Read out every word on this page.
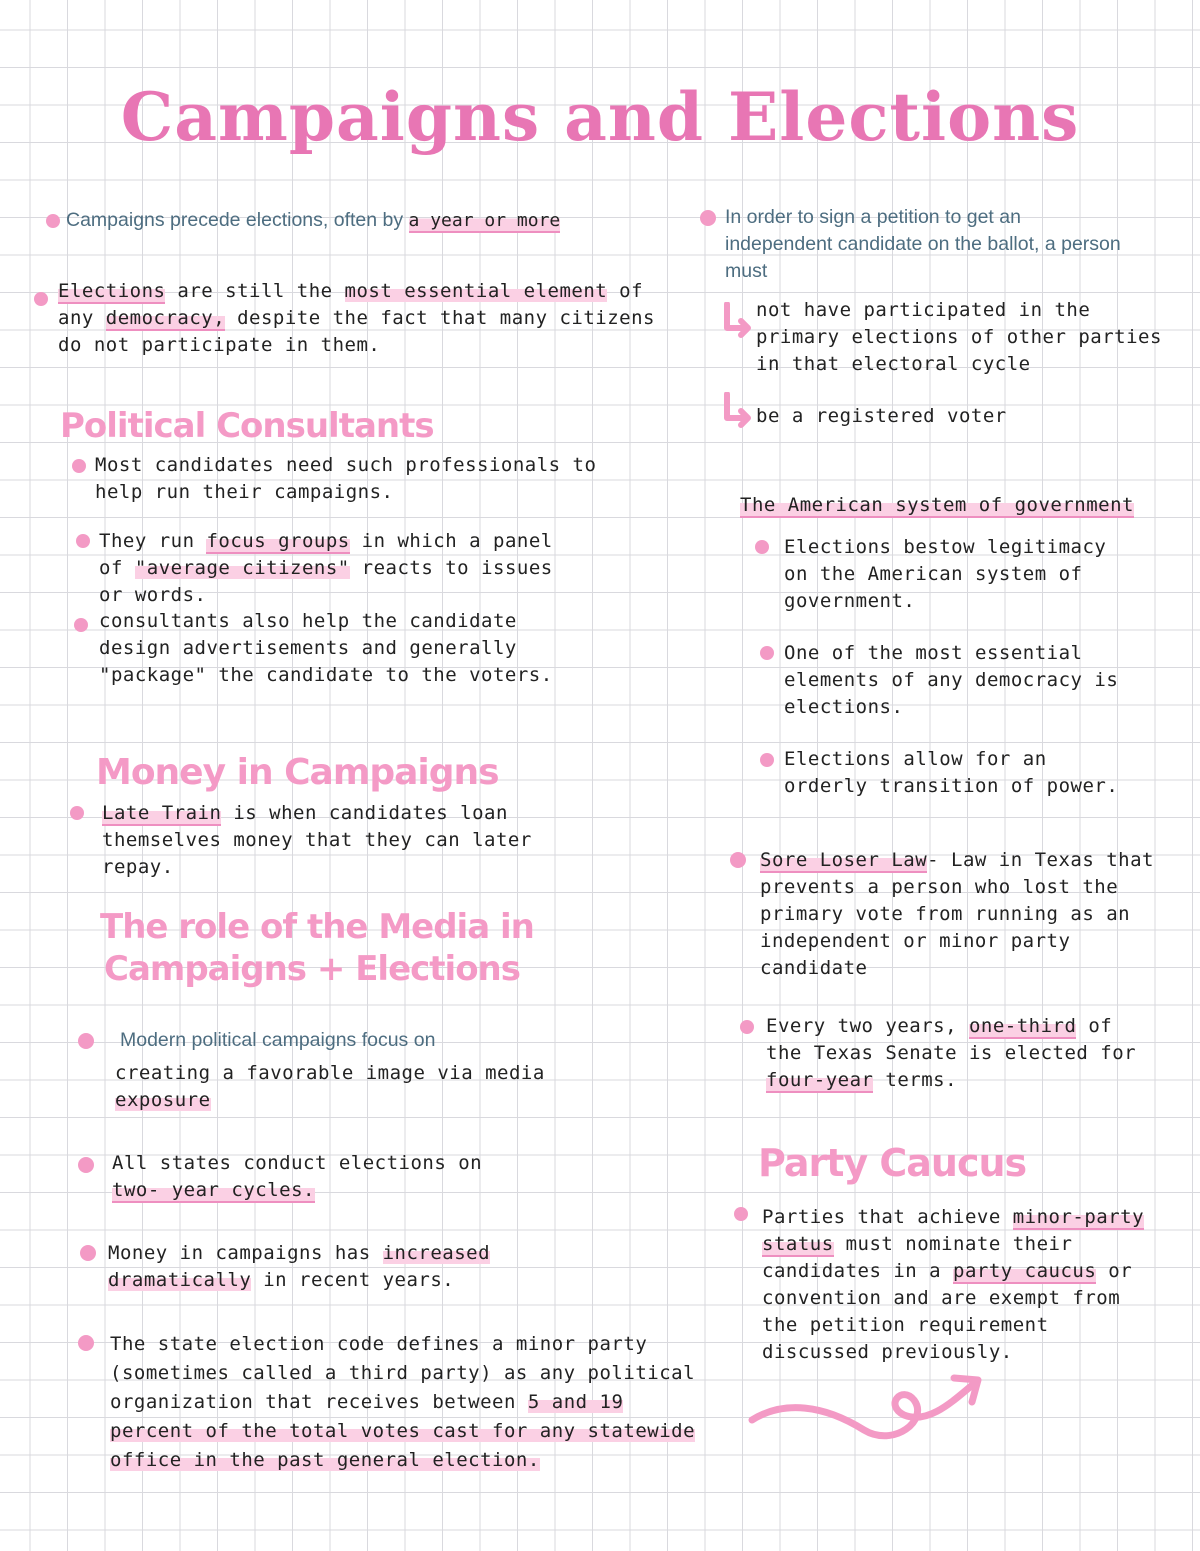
Campaigns and Elections
Campaigns precede elections, often by a year or more
Elections are still the most essential element of any democracy, despite the fact that many citizens do not participate in them.
Political Consultants
Most candidates need such professionals to help run their campaigns.
They run focus groups in which a panel of "average citizens" reacts to issues or words.
consultants also help the candidate design advertisements and generally "package" the candidate to the voters.
Money in Campaigns
Late Train is when candidates loan themselves money that they can later repay.
The role of the Media in
Campaigns + Elections
Modern political campaigns focus on
creating a favorable image via media
exposure
All states conduct elections on two- year cycles.
Money in campaigns has increased dramatically in recent years.
The state election code defines a minor party (sometimes called a third party) as any political organization that receives between 5 and 19 percent of the total votes cast for any statewide office in the past general election.
In order to sign a petition to get an independent candidate on the ballot, a person must
not have participated in the primary elections of other parties in that electoral cycle
be a registered voter
The American system of government
Elections bestow legitimacy on the American system of government.
One of the most essential elements of any democracy is elections.
Elections allow for an orderly transition of power.
Sore Loser Law- Law in Texas that prevents a person who lost the primary vote from running as an independent or minor party candidate
Every two years, one-third of the Texas Senate is elected for four-year terms.
Party Caucus
Parties that achieve minor-party status must nominate their candidates in a party caucus or convention and are exempt from the petition requirement discussed previously.
